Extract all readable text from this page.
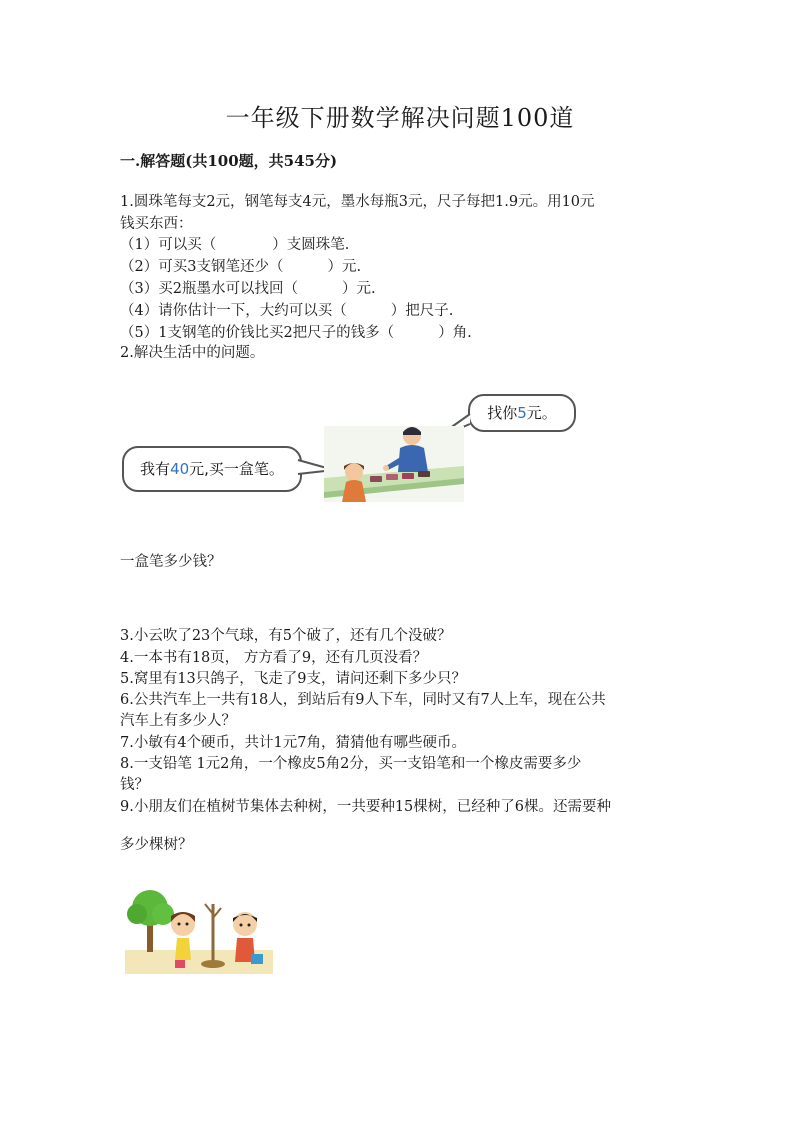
一年级下册数学解决问题100道
一.解答题(共100题，共545分)
1.圆珠笔每支2元，钢笔每支4元，墨水每瓶3元，尺子每把1.9元。用10元
钱买东西：
（1）可以买（	）支圆珠笔.
（2）可买3支钢笔还少（	）元.
（3）买2瓶墨水可以找回（	）元.
（4）请你估计一下，大约可以买（	）把尺子.
（5）1支钢笔的价钱比买2把尺子的钱多（	）角.
2.解决生活中的问题。
找你5元。
我有40元,买一盒笔。
一盒笔多少钱？
3.小云吹了23个气球，有5个破了，还有几个没破？
4.一本书有18页， 方方看了9，还有几页没看？
5.窝里有13只鸽子，飞走了9支，请问还剩下多少只？
6.公共汽车上一共有18人，到站后有9人下车，同时又有7人上车，现在公共
汽车上有多少人？
7.小敏有4个硬币，共计1元7角，猜猜他有哪些硬币。
8.一支铅笔 1元2角，一个橡皮5角2分，买一支铅笔和一个橡皮需要多少
钱？
9.小朋友们在植树节集体去种树，一共要种15棵树，已经种了6棵。还需要种
多少棵树？
